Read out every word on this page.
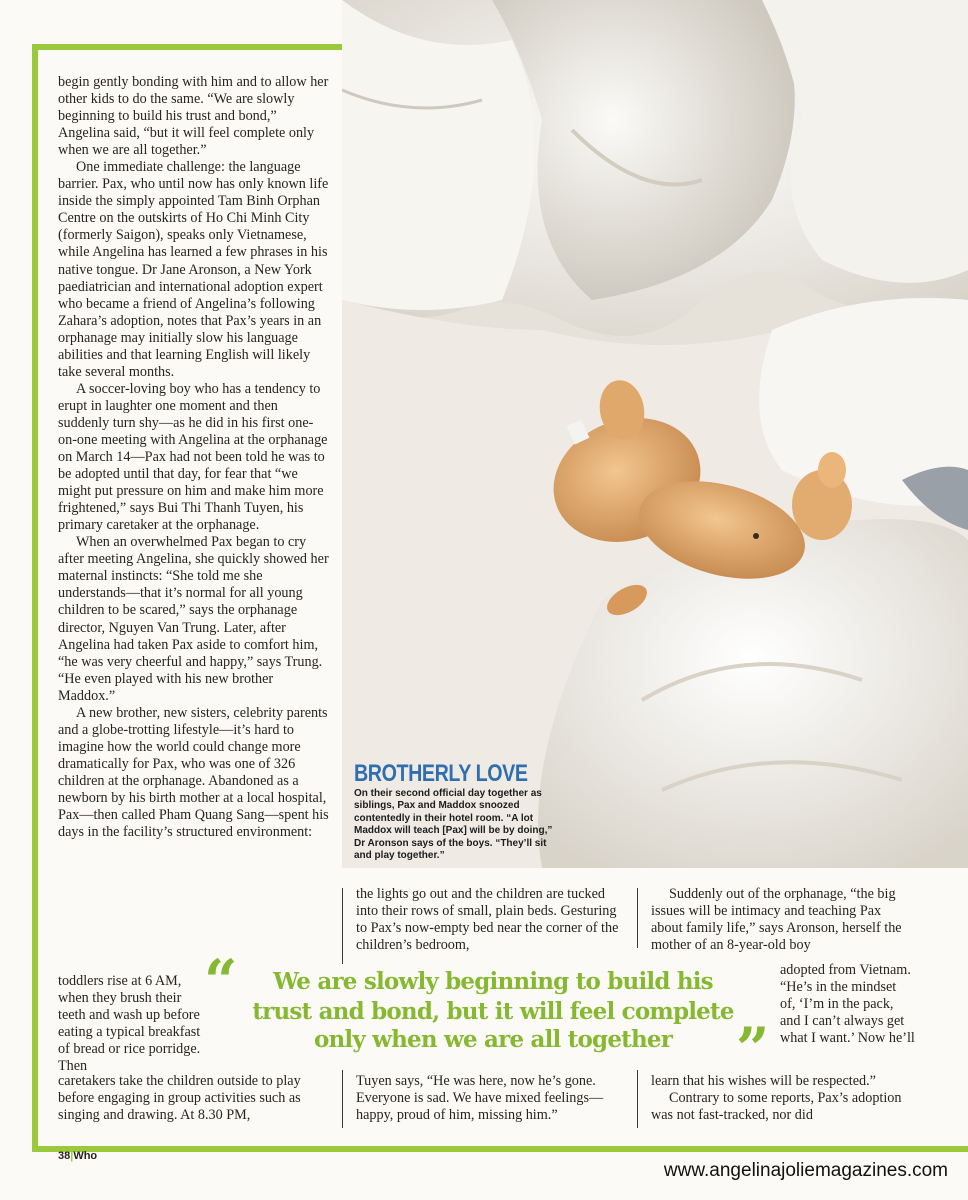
BROTHERLY LOVE
On their second official day together as siblings, Pax and Maddox snoozed contentedly in their hotel room. “A lot Maddox will teach [Pax] will be by doing,” Dr Aronson says of the boys. “They’ll sit and play together.”

begin gently bonding with him and to allow her other kids to do the same. “We are slowly beginning to build his trust and bond,” Angelina said, “but it will feel complete only when we are all together.”

One immediate challenge: the language barrier. Pax, who until now has only known life inside the simply appointed Tam Binh Orphan Centre on the outskirts of Ho Chi Minh City (formerly Saigon), speaks only Vietnamese, while Angelina has learned a few phrases in his native tongue. Dr Jane Aronson, a New York paediatrician and international adoption expert who became a friend of Angelina’s following Zahara’s adoption, notes that Pax’s years in an orphanage may initially slow his language abilities and that learning English will likely take several months.

A soccer-loving boy who has a tendency to erupt in laughter one moment and then suddenly turn shy—as he did in his first one-on-one meeting with Angelina at the orphanage on March 14—Pax had not been told he was to be adopted until that day, for fear that “we might put pressure on him and make him more frightened,” says Bui Thi Thanh Tuyen, his primary caretaker at the orphanage.

When an overwhelmed Pax began to cry after meeting Angelina, she quickly showed her maternal instincts: “She told me she understands—that it’s normal for all young children to be scared,” says the orphanage director, Nguyen Van Trung. Later, after Angelina had taken Pax aside to comfort him, “he was very cheerful and happy,” says Trung. “He even played with his new brother Maddox.”

A new brother, new sisters, celebrity parents and a globe-trotting lifestyle—it’s hard to imagine how the world could change more dramatically for Pax, who was one of 326 children at the orphanage. Abandoned as a newborn by his birth mother at a local hospital, Pax—then called Pham Quang Sang—spent his days in the facility’s structured environment:

toddlers rise at 6 AM, when they brush their teeth and wash up before eating a typical breakfast of bread or rice porridge. Then

caretakers take the children outside to play before engaging in group activities such as singing and drawing. At 8.30 PM,

the lights go out and the children are tucked into their rows of small, plain beds. Gesturing to Pax’s now-empty bed near the corner of the children’s bedroom,

Tuyen says, “He was here, now he’s gone. Everyone is sad. We have mixed feelings—happy, proud of him, missing him.”

Suddenly out of the orphanage, “the big issues will be intimacy and teaching Pax about family life,” says Aronson, herself the mother of an 8-year-old boy

adopted from Vietnam. “He’s in the mindset of, ‘I’m in the pack, and I can’t always get what I want.’ Now he’ll

learn that his wishes will be respected.”

Contrary to some reports, Pax’s adoption was not fast-tracked, nor did

“	We are slowly beginning to build his
trust and bond, but it will feel complete
only when we are all together	”
38|Who
www.angelinajoliemagazines.com
